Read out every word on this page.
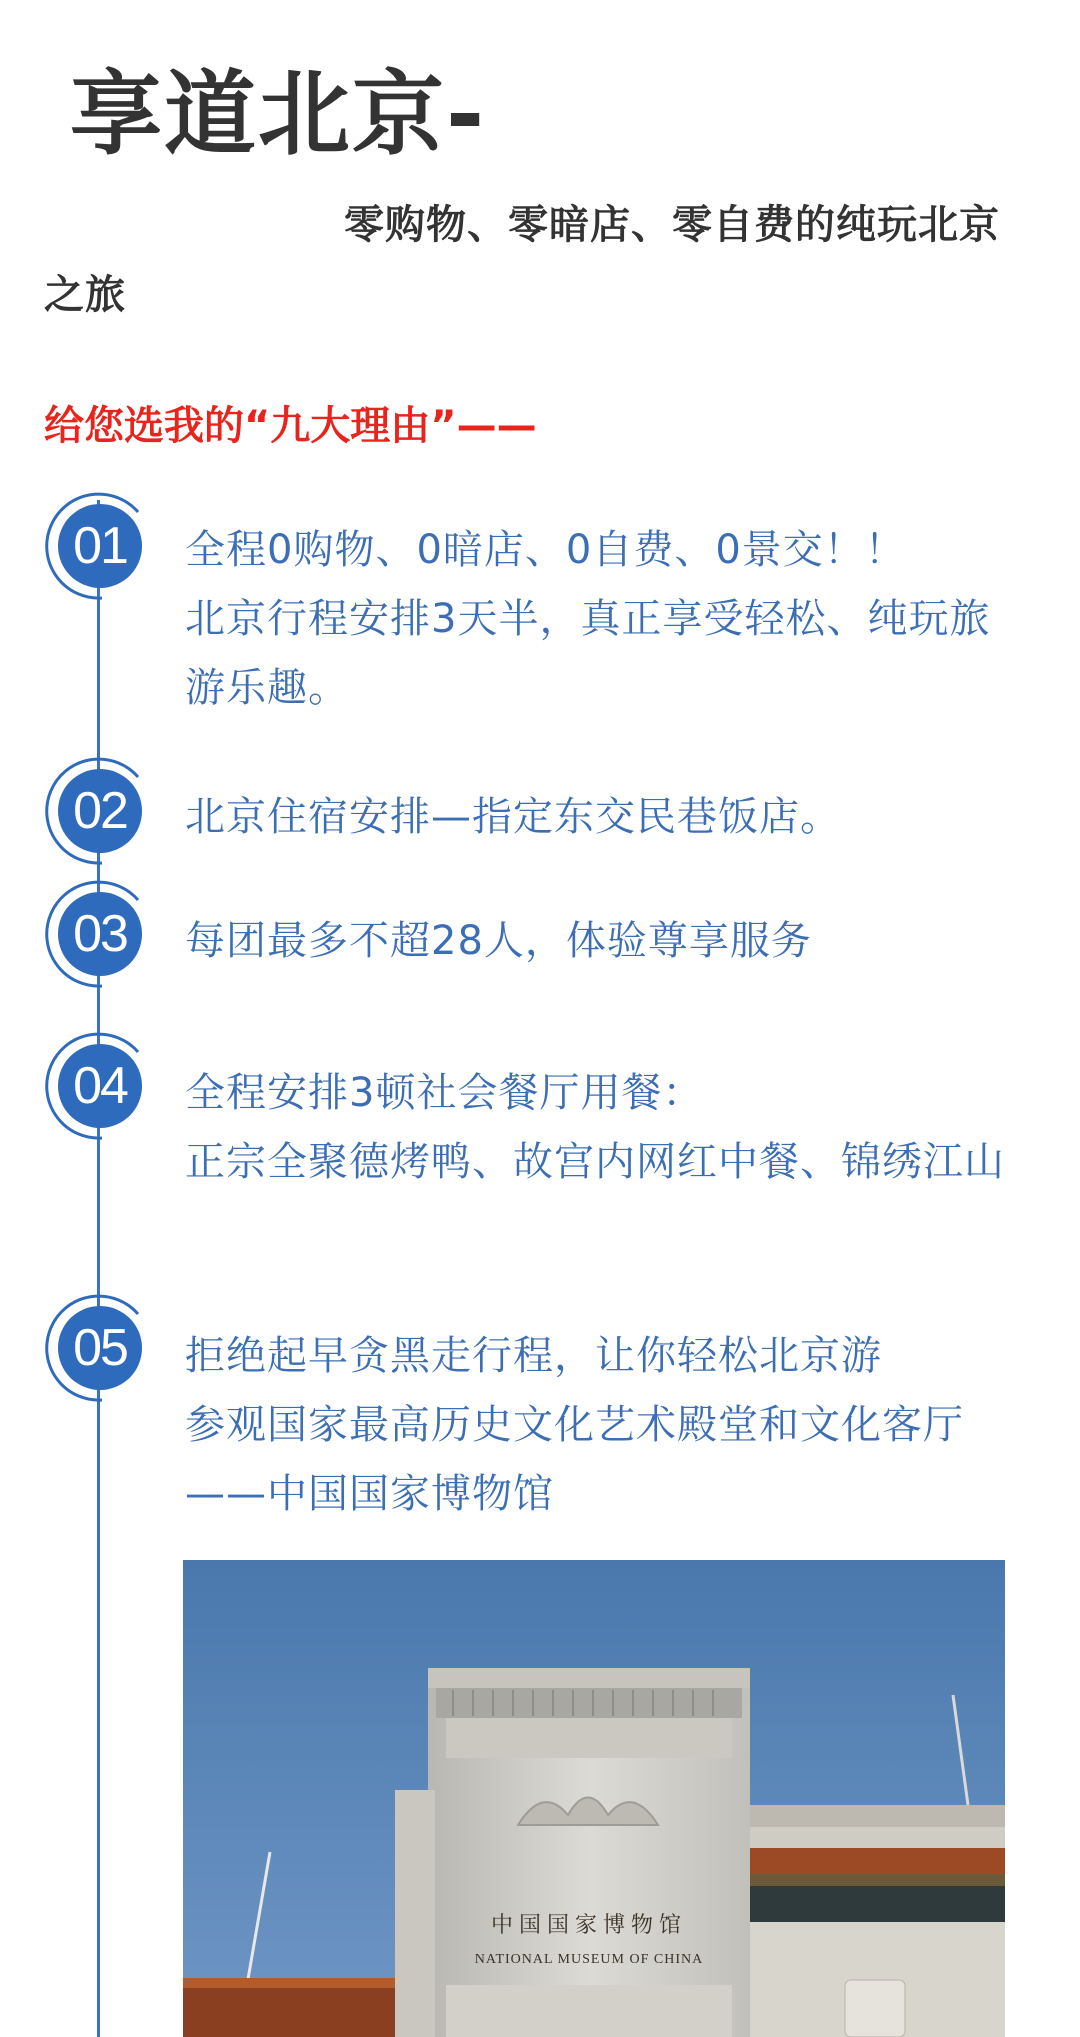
享道北京-
零购物、零暗店、零自费的纯玩北京之旅
给您选我的“九大理由”——
01	全程0购物、0暗店、0自费、0景交！！
北京行程安排3天半，真正享受轻松、纯玩旅游乐趣。
02	北京住宿安排—指定东交民巷饭店。
03	每团最多不超28人，体验尊享服务
04	全程安排3顿社会餐厅用餐：
正宗全聚德烤鸭、故宫内网红中餐、锦绣江山
05	拒绝起早贪黑走行程，让你轻松北京游
参观国家最高历史文化艺术殿堂和文化客厅——中国国家博物馆
中国国家博物馆
NATIONAL MUSEUM OF CHINA
